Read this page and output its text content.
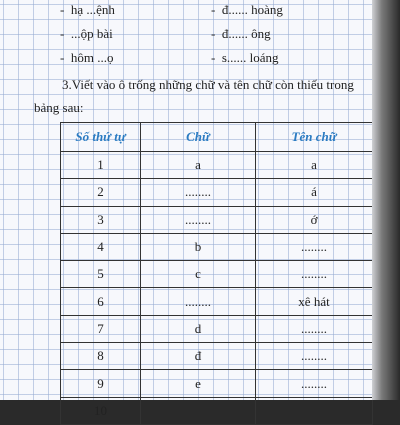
- hạ ...ệnh	- đ...... hoàng
- ...ộp bài	- đ...... ông
- hôm ...ọ	- s...... loáng
3.Viết vào ô trống những chữ và tên chữ còn thiếu trong
bảng sau:
Số thứ tự	Chữ	Tên chữ
1	a	a
2	........	á
3	........	ớ
4	b	........
5	c	........
6	........	xê hát
7	d	........
8	đ	........
9	e	........
10		
